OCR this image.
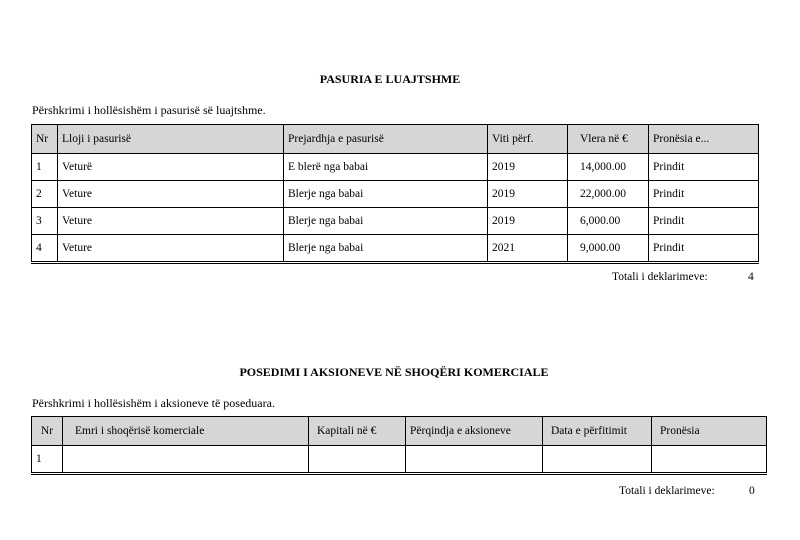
PASURIA E LUAJTSHME
Përshkrimi i hollësishëm i pasurisë së luajtshme.
Nr	Lloji i pasurisë	Prejardhja e pasurisë	Viti përf.	Vlera në €	Pronësia e...
1	Veturë	E blerë nga babai	2019	14,000.00	Prindit
2	Veture	Blerje nga babai	2019	22,000.00	Prindit
3	Veture	Blerje nga babai	2019	6,000.00	Prindit
4	Veture	Blerje nga babai	2021	9,000.00	Prindit
Totali i deklarimeve:	4
POSEDIMI I AKSIONEVE NË SHOQËRI KOMERCIALE
Përshkrimi i hollësishëm i aksioneve të poseduara.
Nr	Emri i shoqërisë komerciale	Kapitali në €	Përqindja e aksioneve	Data e përfitimit	Pronësia
1					
Totali i deklarimeve:	0
